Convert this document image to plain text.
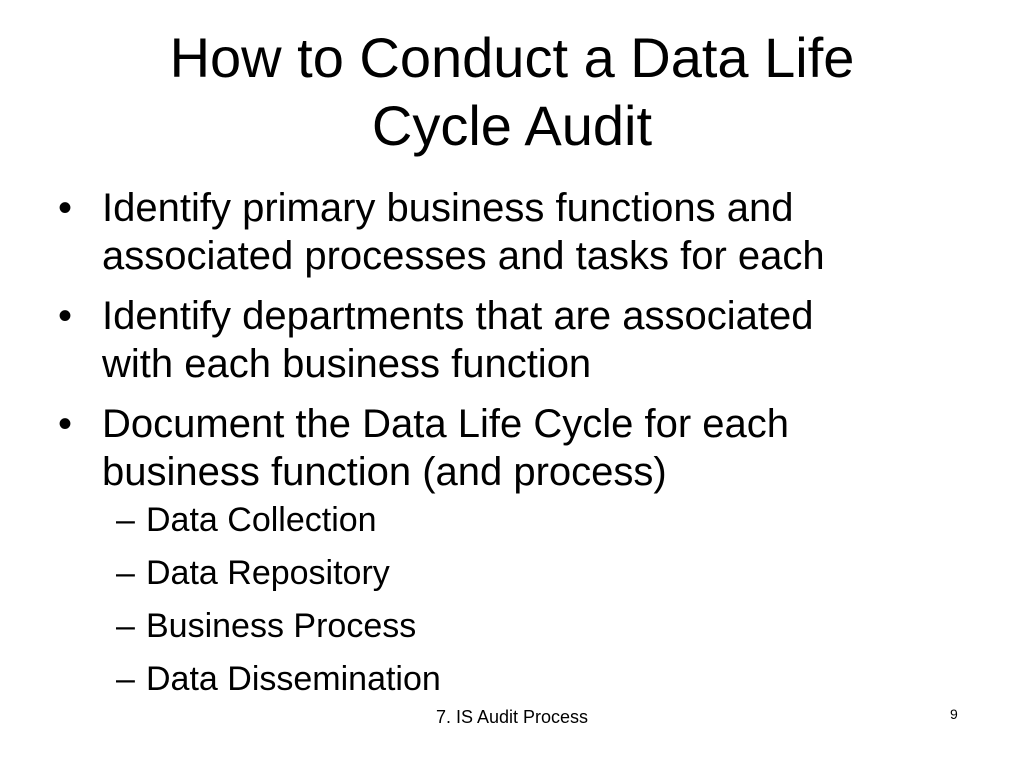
How to Conduct a Data Life
Cycle Audit
• Identify primary business functions and
associated processes and tasks for each
• Identify departments that are associated
with each business function
• Document the Data Life Cycle for each
business function (and process)
– Data Collection
– Data Repository
– Business Process
– Data Dissemination
7. IS Audit Process	9
